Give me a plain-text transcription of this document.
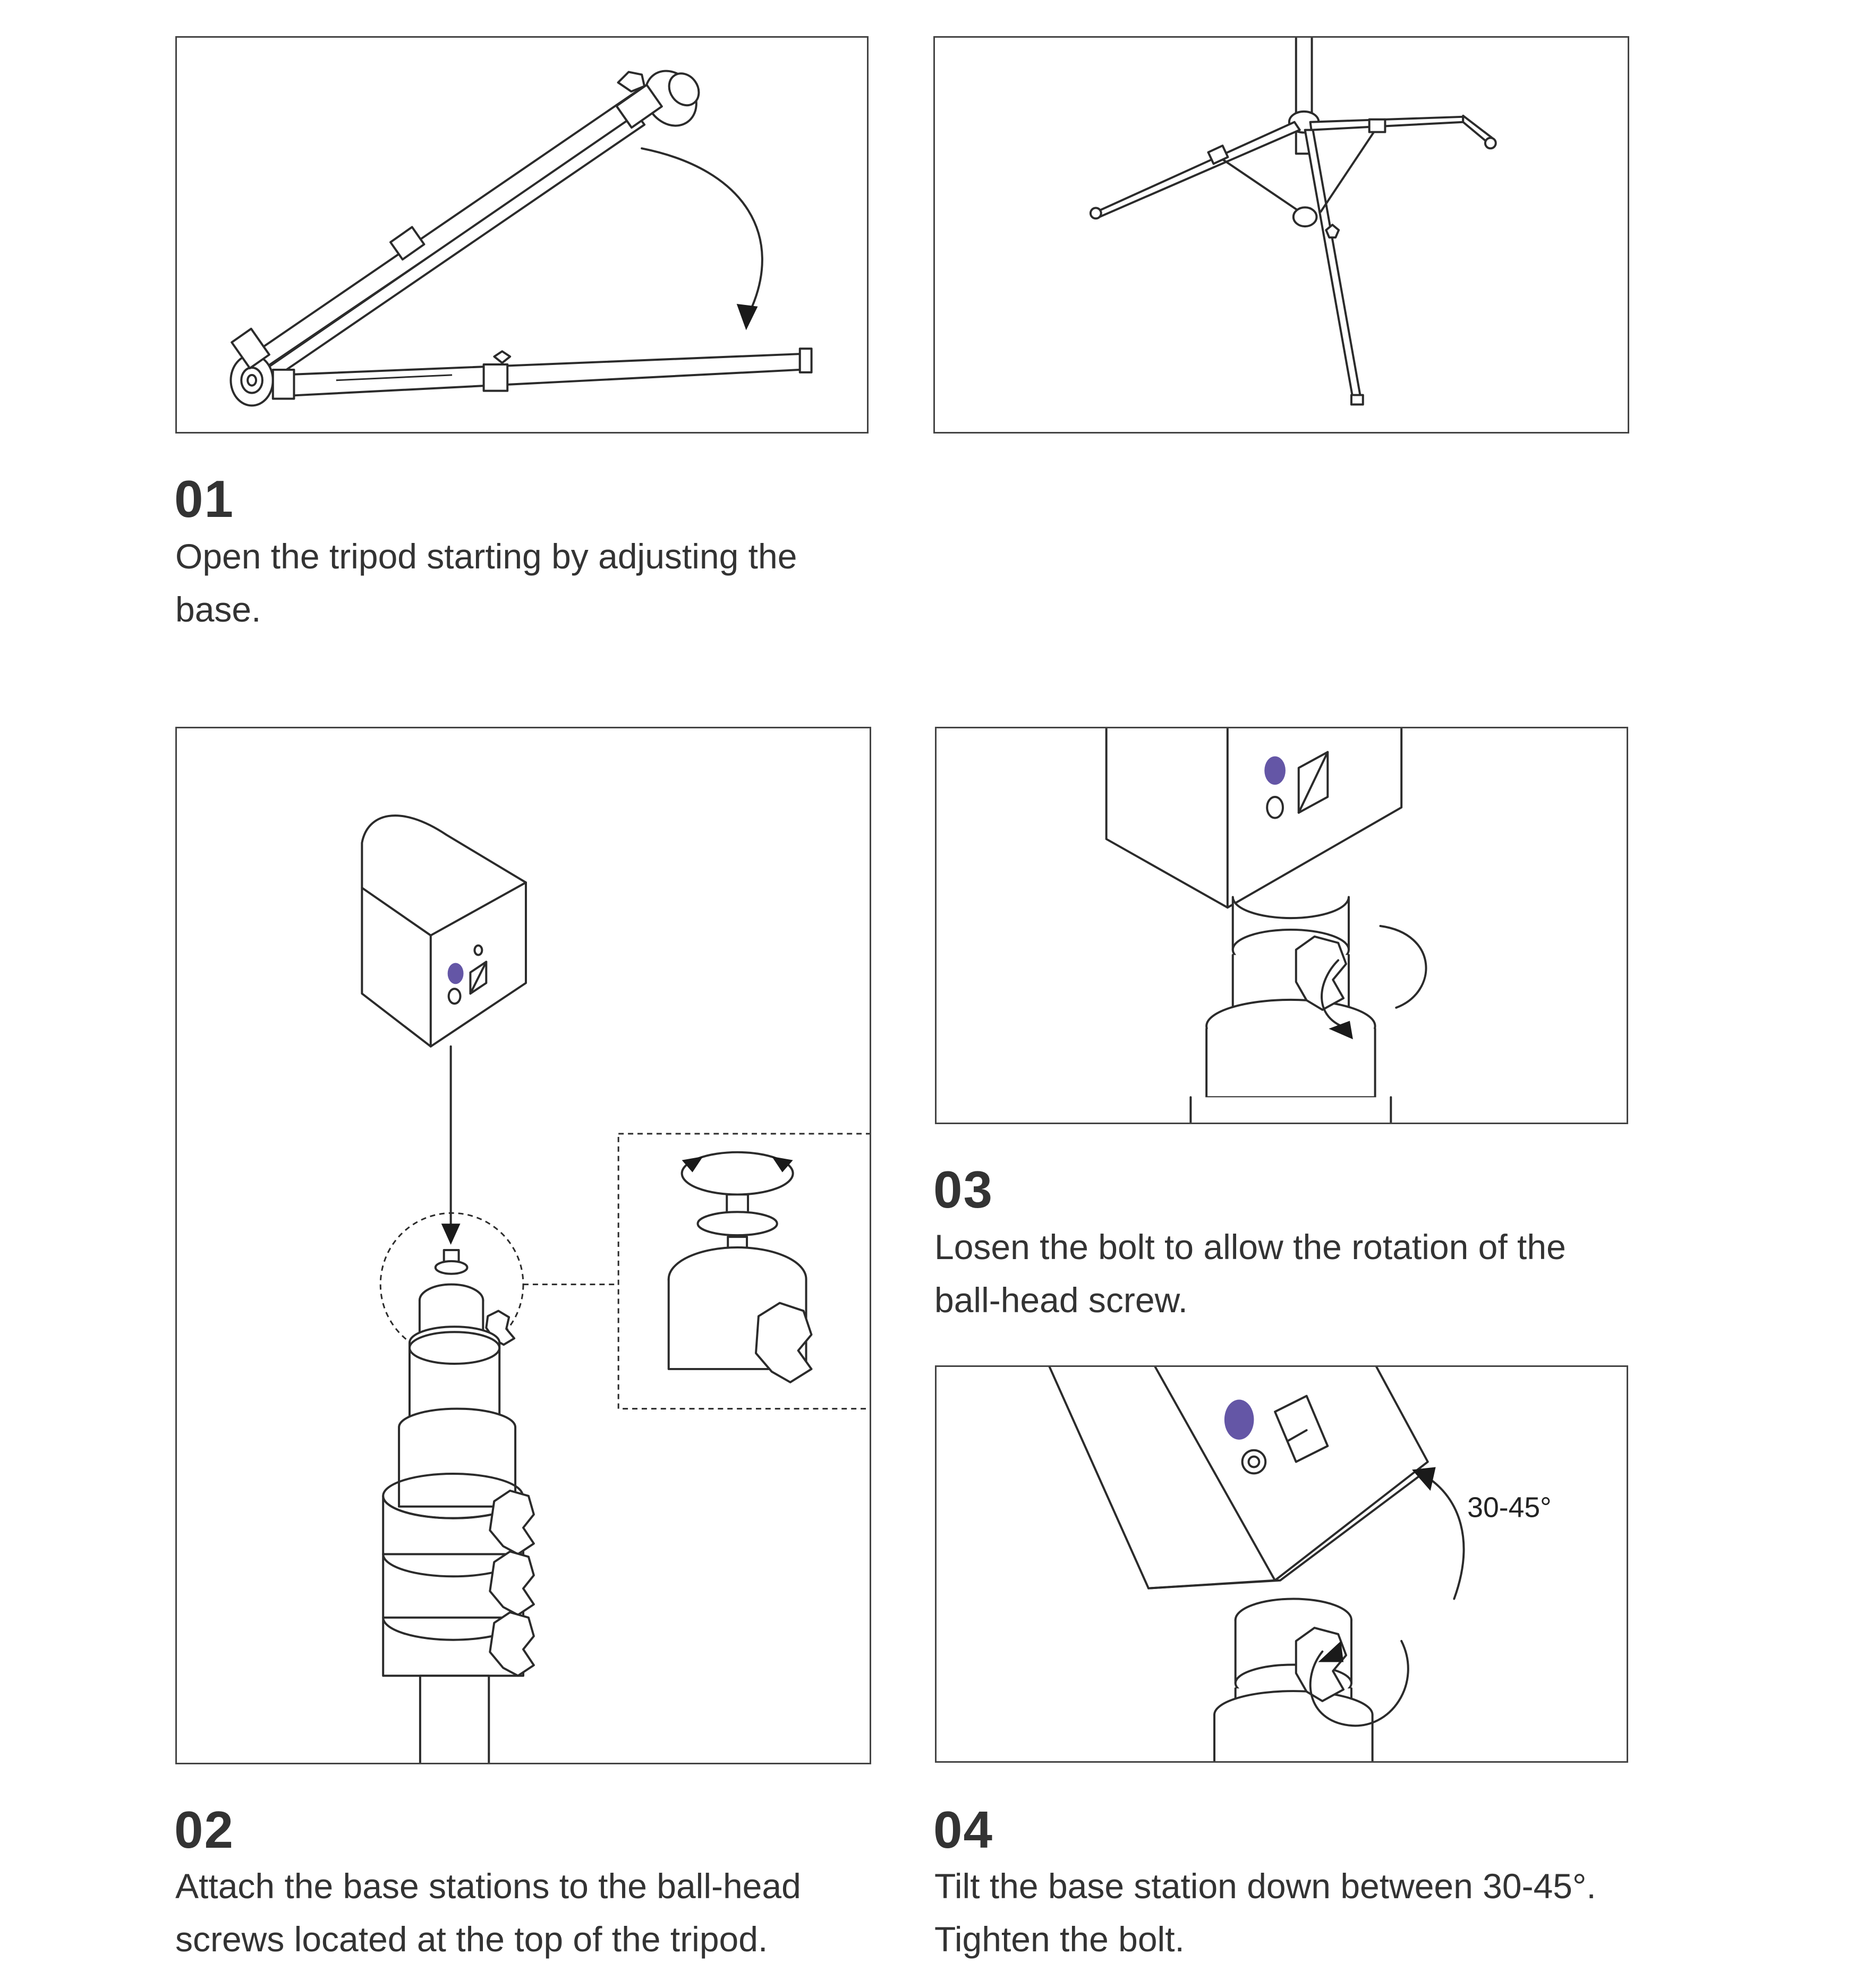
01
Open the tripod starting by adjusting the base.
02
Attach the base stations to the ball-head screws located at the top of the tripod.
03
Losen the bolt to allow the rotation of the ball-head screw.
30-45°
04
Tilt the base station down between 30-45°. Tighten the bolt.
